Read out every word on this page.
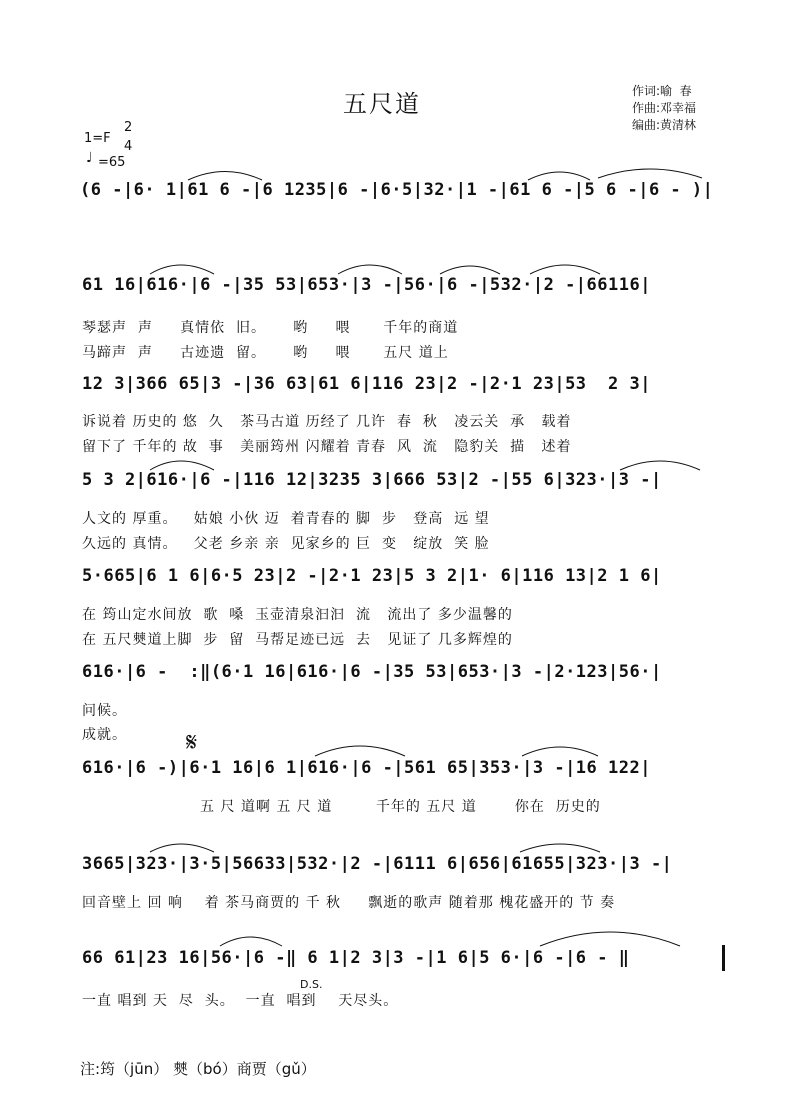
五尺道	作词:喻  春
作曲:邓幸福
编曲:黄清林
1=F
2
4
♩ =65
(6 -|6· 1|61 6 -|6 1235|6 -|6·5|32·|1 -|61 6 -|5 6 -|6 - )|
61 16|616·|6 -|35 53|653·|3 -|56·|6 -|532·|2 -|66116|
琴瑟声  声     真情依  旧。     哟     喂      千年的商道
马蹄声  声     古迹遗  留。     哟     喂      五尺 道上
12 3|366 65|3 -|36 63|61 6|116 23|2 -|2·1 23|53  2 3|
诉说着 历史的 悠  久   茶马古道 历经了 几许  春  秋   凌云关  承   载着
留下了 千年的 故  事   美丽筠州 闪耀着 青春  风  流   隐豹关  描   述着
5 3 2|616·|6 -|116 12|3235 3|666 53|2 -|55 6|323·|3 -|
人文的 厚重。   姑娘 小伙 迈  着青春的 脚  步   登高  远 望
久远的 真情。   父老 乡亲 亲  见家乡的 巨  变   绽放  笑 脸
5·665|6 1 6|6·5 23|2 -|2·1 23|5 3 2|1· 6|116 13|2 1 6|
在 筠山定水间放  歌  嗓  玉壶清泉汩汩  流   流出了 多少温馨的
在 五尺僰道上脚  步  留  马帮足迹已远  去   见证了 几多辉煌的
616·|6 -  :‖(6·1 16|616·|6 -|35 53|653·|3 -|2·123|56·|
问候。
成就。 𝄋
616·|6 -)|6·1 16|6 1|616·|6 -|561 65|353·|3 -|16 122|
五 尺 道啊 五 尺 道        千年的 五尺 道       你在  历史的
3665|323·|3·5|56633|532·|2 -|6111 6|656|61655|323·|3 -|
回音壁上 回 响    着 茶马商贾的 千 秋     飘逝的歌声 随着那 槐花盛开的 节 奏
66 61|23 16|56·|6 -‖ 6 1|2 3|3 -|1 6|5 6·|6 -|6 - ‖
D.S.
一直 唱到 天  尽  头。  一直  唱到    天尽头。
注:筠（jūn） 僰（bó）商贾（gǔ）
